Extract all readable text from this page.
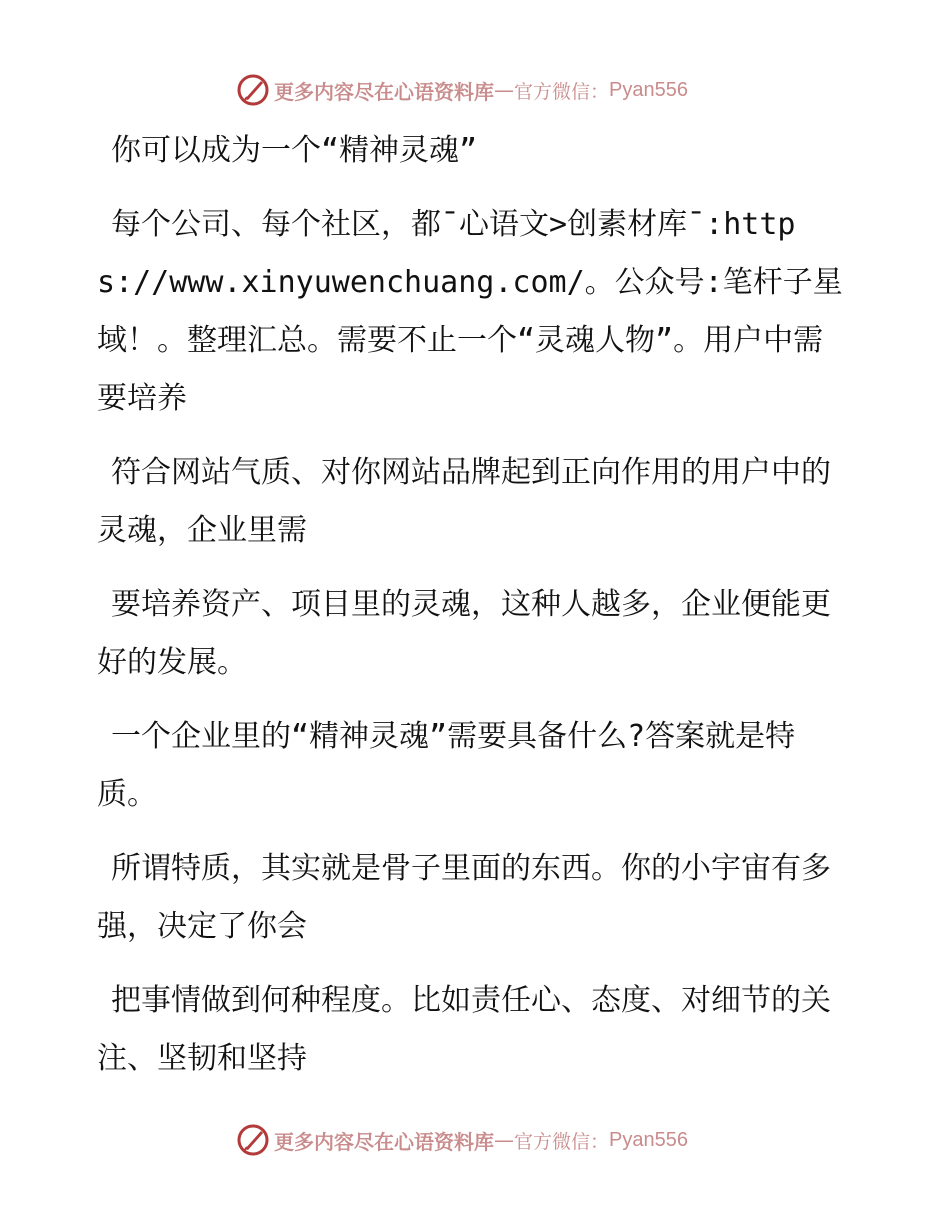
更多内容尽在心语资料库 — 官方微信： Pyan556

你可以成为一个“精神灵魂”

每个公司、每个社区，都¯心语文>创素材库¯:https://www.xinyuwenchuang.com/。公众号:笔杆子星域！。整理汇总。需要不止一个“灵魂人物”。用户中需要培养

符合网站气质、对你网站品牌起到正向作用的用户中的灵魂，企业里需

要培养资产、项目里的灵魂，这种人越多，企业便能更好的发展。

一个企业里的“精神灵魂”需要具备什么?答案就是特质。

所谓特质，其实就是骨子里面的东西。你的小宇宙有多强，决定了你会

把事情做到何种程度。比如责任心、态度、对细节的关注、坚韧和坚持

更多内容尽在心语资料库 — 官方微信： Pyan556
